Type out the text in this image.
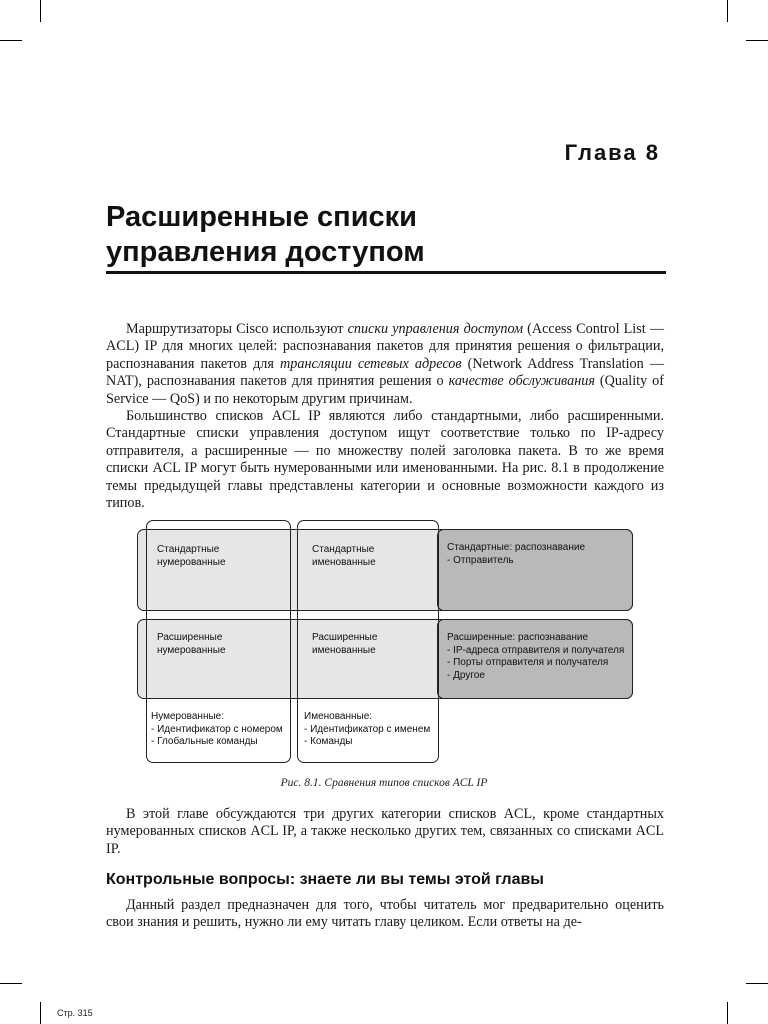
Глава 8
Расширенные списки
управления доступом

Маршрутизаторы Cisco используют списки управления доступом (Access Control List — ACL) IP для многих целей: распознавания пакетов для принятия решения о фильтрации, распознавания пакетов для трансляции сетевых адресов (Network Address Translation — NAT), распознавания пакетов для принятия решения о качестве обслуживания (Quality of Service — QoS) и по некоторым другим причинам.

Большинство списков ACL IP являются либо стандартными, либо расширенными. Стандартные списки управления доступом ищут соответствие только по IP-адресу отправителя, а расширенные — по множеству полей заголовка пакета. В то же время списки ACL IP могут быть нумерованными или именованными. На рис. 8.1 в продолжение темы предыдущей главы представлены категории и основные возможности каждого из типов.

Стандартные
нумерованные
Стандартные
именованные
Стандартные: распознавание
- Отправитель
Расширенные
нумерованные
Расширенные
именованные
Расширенные: распознавание
- IP-адреса отправителя и получателя
- Порты отправителя и получателя
- Другое
Нумерованные:
- Идентификатор с номером
- Глобальные команды
Именованные:
- Идентификатор с именем
- Команды
Рис. 8.1. Сравнения типов списков ACL IP

В этой главе обсуждаются три других категории списков ACL, кроме стандартных нумерованных списков ACL IP, а также несколько других тем, связанных со списками ACL IP.

Контрольные вопросы: знаете ли вы темы этой главы

Данный раздел предназначен для того, чтобы читатель мог предварительно оценить свои знания и решить, нужно ли ему читать главу целиком. Если ответы на де-

Стр. 315
